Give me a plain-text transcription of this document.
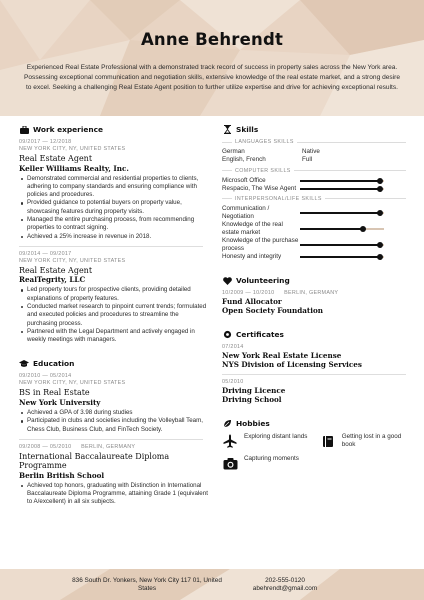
Anne Behrendt
Experienced Real Estate Professional with a demonstrated track record of success in property sales across the New York area. Possessing exceptional communication and negotiation skills, extensive knowledge of the real estate market, and a strong desire to excel. Seeking a challenging Real Estate Agent position to further utilize expertise and drive for achieving exceptional results.
Work experience
09/2017 — 12/2018
NEW YORK CITY, NY, UNITED STATES
Real Estate Agent
Keller Williams Realty, Inc.
Demonstrated commercial and residential properties to clients, adhering to company standards and ensuring compliance with policies and procedures.
Provided guidance to potential buyers on property value, showcasing features during property visits.
Managed the entire purchasing process, from recommending properties to contract signing.
Achieved a 25% increase in revenue in 2018.
09/2014 — 09/2017
NEW YORK CITY, NY, UNITED STATES
Real Estate Agent
RealTegrity, LLC
Led property tours for prospective clients, providing detailed explanations of property features.
Conducted market research to pinpoint current trends; formulated and executed policies and procedures to streamline the purchasing process.
Partnered with the Legal Department and actively engaged in weekly meetings with managers.
Education
09/2010 — 05/2014
NEW YORK CITY, NY, UNITED STATES
BS in Real Estate
New York University
Achieved a GPA of 3.98 during studies
Participated in clubs and societies including the Volleyball Team, Chess Club, Business Club, and FinTech Society.
09/2008 — 05/2010 BERLIN, GERMANY
International Baccalaureate Diploma Programme
Berlin British School
Achieved top honors, graduating with Distinction in International Baccalaureate Diploma Programme, attaining Grade 1 (equivalent to A/excellent) in all six subjects.
Skills
LANGUAGES SKILLS
German	Native
English, French	Full
COMPUTER SKILLS
Microsoft Office
Respacio, The Wise Agent
INTERPERSONAL/LIFE SKILLS
Communication / Negotiation
Knowledge of the real estate market
Knowledge of the purchase process
Honesty and integrity
Volunteering
10/2009 — 10/2010 BERLIN, GERMANY
Fund Allocator
Open Society Foundation
Certificates
07/2014
New York Real Estate License
NYS Division of Licensing Services
05/2010
Driving Licence
Driving School
Hobbies
Exploring distant lands	Getting lost in a good book
Capturing moments
836 South Dr. Yonkers, New York City 117 01, United States
202-555-0120
abehrendt@gmail.com
